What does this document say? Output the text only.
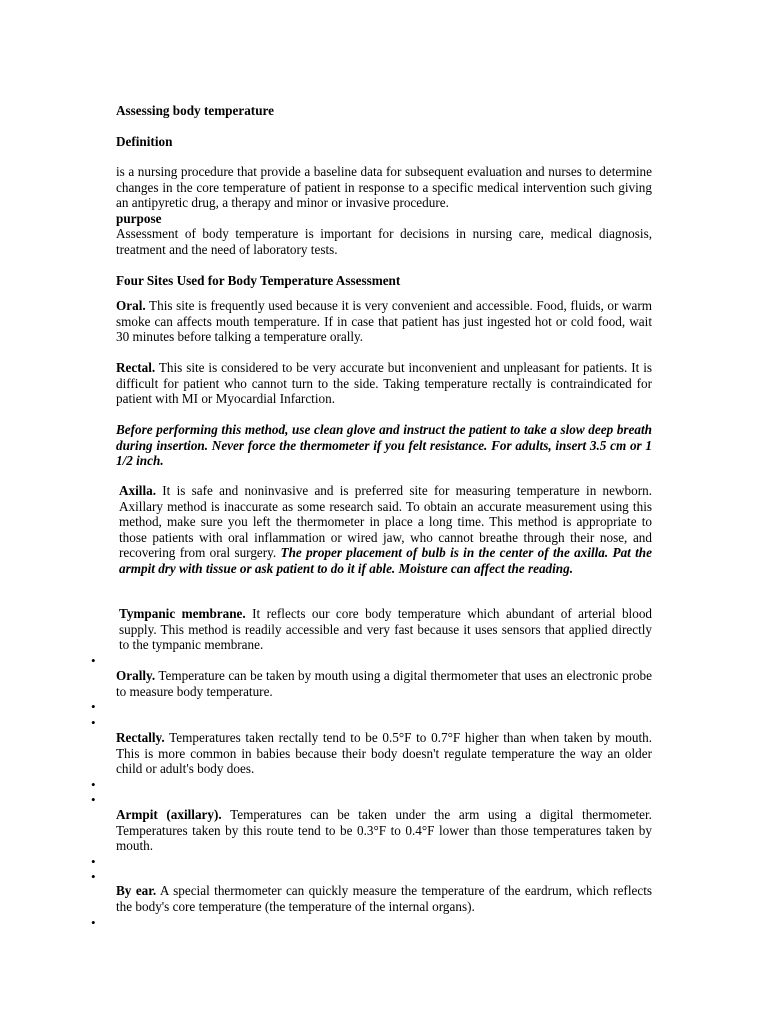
Assessing body temperature

Definition

is a nursing procedure that provide a baseline data for subsequent evaluation and nurses to determine changes in the core temperature of patient in response to a specific medical intervention such giving an antipyretic drug, a therapy and minor or invasive procedure.

purpose

Assessment of body temperature is important for decisions in nursing care, medical diagnosis, treatment and the need of laboratory tests.

Four Sites Used for Body Temperature Assessment

Oral. This site is frequently used because it is very convenient and accessible. Food, fluids, or warm smoke can affects mouth temperature. If in case that patient has just ingested hot or cold food, wait 30 minutes before talking a temperature orally.

Rectal. This site is considered to be very accurate but inconvenient and unpleasant for patients. It is difficult for patient who cannot turn to the side. Taking temperature rectally is contraindicated for patient with MI or Myocardial Infarction.

Before performing this method, use clean glove and instruct the patient to take a slow deep breath during insertion. Never force the thermometer if you felt resistance. For adults, insert 3.5 cm or 1 1/2 inch.

Axilla. It is safe and noninvasive and is preferred site for measuring temperature in newborn. Axillary method is inaccurate as some research said. To obtain an accurate measurement using this method, make sure you left the thermometer in place a long time. This method is appropriate to those patients with oral inflammation or wired jaw, who cannot breathe through their nose, and recovering from oral surgery. The proper placement of bulb is in the center of the axilla. Pat the armpit dry with tissue or ask patient to do it if able. Moisture can affect the reading.

Tympanic membrane. It reflects our core body temperature which abundant of arterial blood supply. This method is readily accessible and very fast because it uses sensors that applied directly to the tympanic membrane.

•

Orally. Temperature can be taken by mouth using a digital thermometer that uses an electronic probe to measure body temperature.

•
•

Rectally. Temperatures taken rectally tend to be 0.5°F to 0.7°F higher than when taken by mouth. This is more common in babies because their body doesn't regulate temperature the way an older child or adult's body does.

•
•

Armpit (axillary). Temperatures can be taken under the arm using a digital thermometer. Temperatures taken by this route tend to be 0.3°F to 0.4°F lower than those temperatures taken by mouth.

•
•

By ear. A special thermometer can quickly measure the temperature of the eardrum, which reflects the body's core temperature (the temperature of the internal organs).

•
